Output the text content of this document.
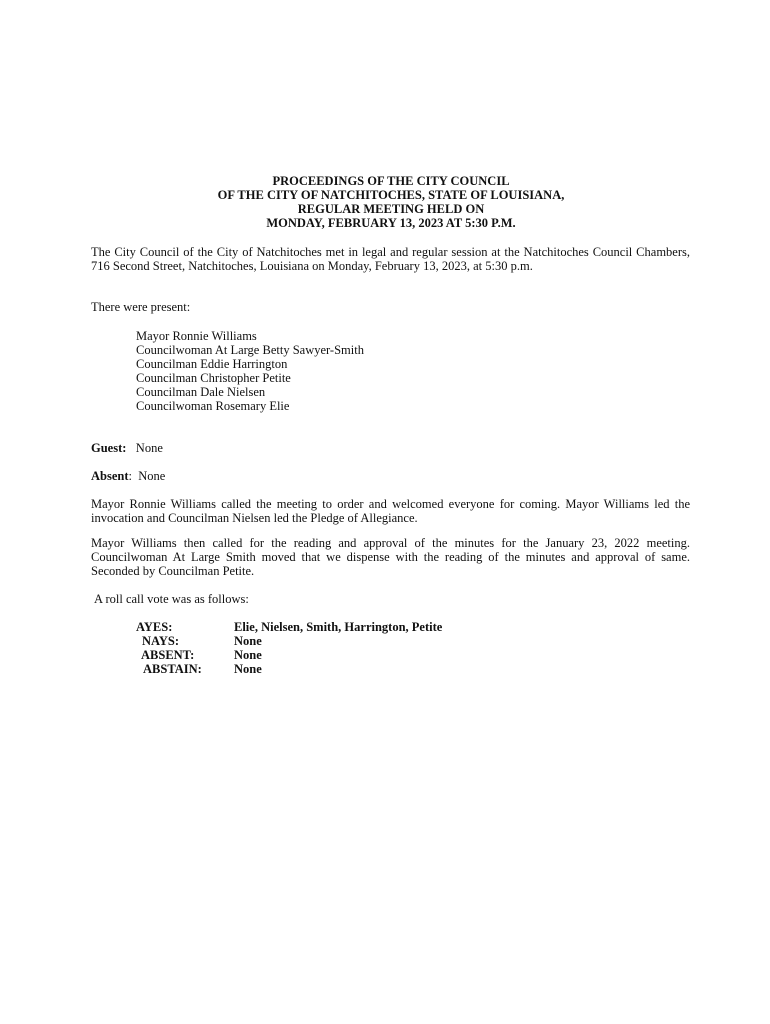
PROCEEDINGS OF THE CITY COUNCIL
OF THE CITY OF NATCHITOCHES, STATE OF LOUISIANA,
REGULAR MEETING HELD ON
MONDAY, FEBRUARY 13, 2023 AT 5:30 P.M.

The City Council of the City of Natchitoches met in legal and regular session at the Natchitoches Council Chambers, 716 Second Street, Natchitoches, Louisiana on Monday, February 13, 2023, at 5:30 p.m.

There were present:

Mayor Ronnie Williams
Councilwoman At Large Betty Sawyer-Smith
Councilman Eddie Harrington
Councilman Christopher Petite
Councilman Dale Nielsen
Councilwoman Rosemary Elie

Guest: None

Absent: None

Mayor Ronnie Williams called the meeting to order and welcomed everyone for coming. Mayor Williams led the invocation and Councilman Nielsen led the Pledge of Allegiance.

Mayor Williams then called for the reading and approval of the minutes for the January 23, 2022 meeting. Councilwoman At Large Smith moved that we dispense with the reading of the minutes and approval of same. Seconded by Councilman Petite.

A roll call vote was as follows:

AYES:	Elie, Nielsen, Smith, Harrington, Petite
NAYS:	None
ABSENT:	None
ABSTAIN:	None
